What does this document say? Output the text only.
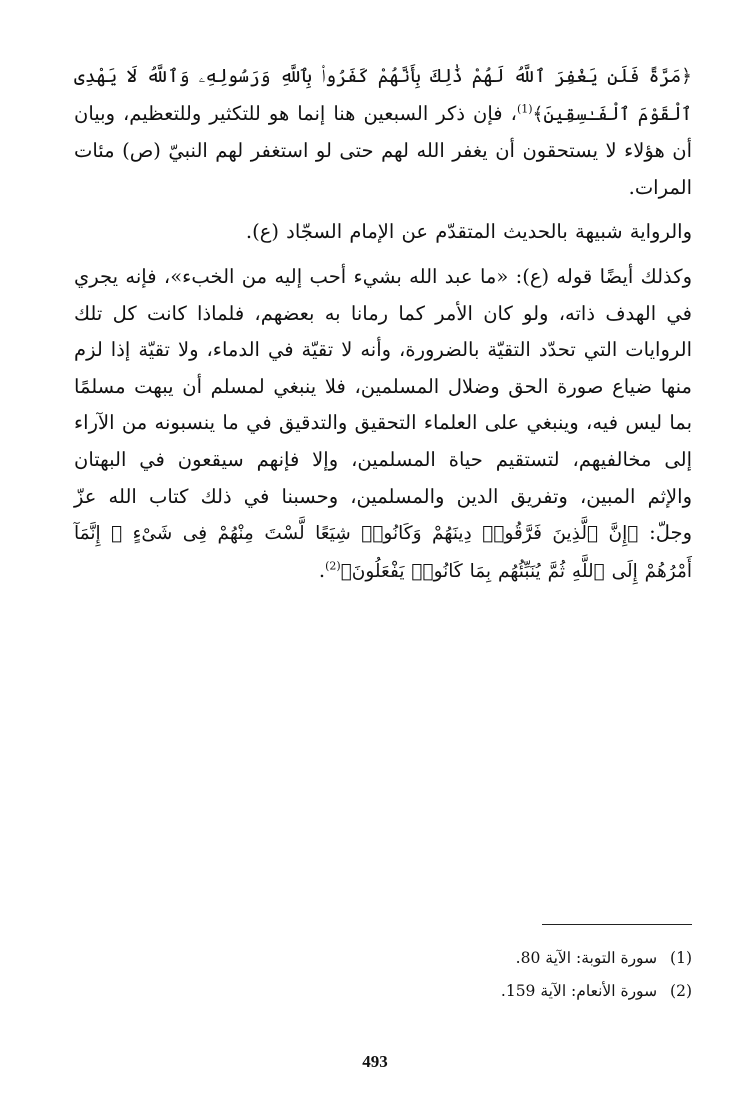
﴿مَرَّةً فَلَن يَغْفِرَ ٱللَّهُ لَهُمْ ذَٰلِكَ بِأَنَّهُمْ كَفَرُوا۟ بِٱللَّهِ وَرَسُولِهِۦ وَٱللَّهُ لَا يَهْدِى ٱلْقَوْمَ ٱلْفَـٰسِقِينَ﴾$^{(1)}$، فإن ذكر السبعين هنا إنما هو للتكثير وللتعظيم، وبيان أن هؤلاء لا يستحقون أن يغفر الله لهم حتى لو استغفر لهم النبيّ (ص) مئات المرات.

والرواية شبيهة بالحديث المتقدّم عن الإمام السجّاد (ع).

وكذلك أيضًا قوله (ع): «ما عبد الله بشيء أحب إليه من الخبء»، فإنه يجري في الهدف ذاته، ولو كان الأمر كما رمانا به بعضهم، فلماذا كانت كل تلك الروايات التي تحدّد التقيّة بالضرورة، وأنه لا تقيّة في الدماء، ولا تقيّة إذا لزم منها ضياع صورة الحق وضلال المسلمين، فلا ينبغي لمسلم أن يبهت مسلمًا بما ليس فيه، وينبغي على العلماء التحقيق والتدقيق في ما ينسبونه من الآراء إلى مخالفيهم، لتستقيم حياة المسلمين، وإلا فإنهم سيقعون في البهتان والإثم المبين، وتفريق الدين والمسلمين، وحسبنا في ذلك كتاب الله عزّ وجلّ: ﴿إِنَّ ٱلَّذِينَ فَرَّقُوا۟ دِينَهُمْ وَكَانُوا۟ شِيَعًا لَّسْتَ مِنْهُمْ فِى شَىْءٍ ۚ إِنَّمَآ أَمْرُهُمْ إِلَى ٱللَّهِ ثُمَّ يُنَبِّئُهُم بِمَا كَانُوا۟ يَفْعَلُونَ﴾$^{(2)}$.

(1) سورة التوبة: الآية 80.
(2) سورة الأنعام: الآية 159.
493
